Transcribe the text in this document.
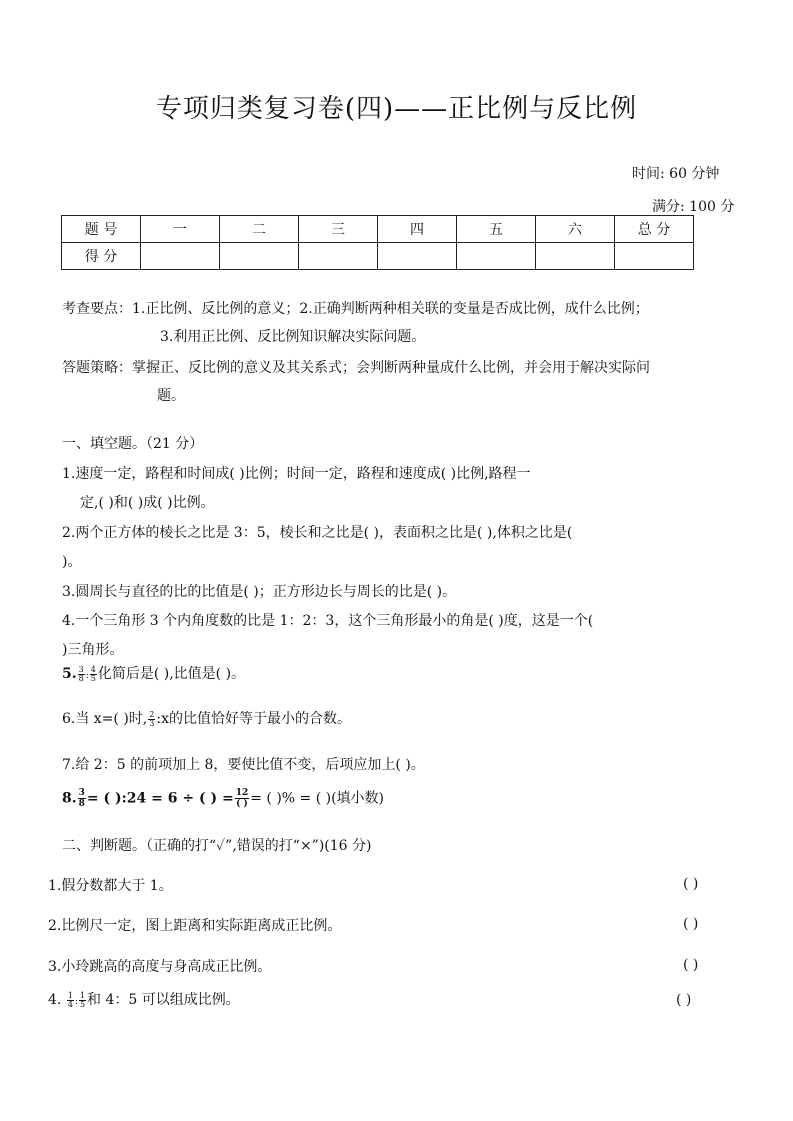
专项归类复习卷(四)——正比例与反比例
时间: 60 分钟
满分: 100 分
题 号	一	二	三	四	五	六	总 分
得 分							
考查要点：1.正比例、反比例的意义；2.正确判断两种相关联的变量是否成比例，成什么比例；
3.利用正比例、反比例知识解决实际问题。
答题策略：掌握正、反比例的意义及其关系式；会判断两种量成什么比例，并会用于解决实际问
题。
一、填空题。（21 分）
1.速度一定，路程和时间成( )比例；时间一定，路程和速度成( )比例,路程一
定,( )和( )成( )比例。
2.两个正方体的棱长之比是 3：5，棱长和之比是( )，表面积之比是( ),体积之比是(
)。
3.圆周长与直径的比的比值是( )；正方形边长与周长的比是( )。
4.一个三角形 3 个内角度数的比是 1：2：3，这个三角形最小的角是( )度，这是一个(
)三角形。
5. $\frac{3}{8}$ : $\frac{4}{5}$ 化简后是( ),比值是( )。
6.当 x=( )时, $\frac{2}{3}$ :x的比值恰好等于最小的合数。
7.给 2：5 的前项加上 8，要使比值不变，后项应加上( )。
8. $\frac{3}{8}$ = ( ):24 = 6 ÷ ( ) = $\frac{12}{( )}$ = ( )% = ( )(填小数)
二、判断题。（正确的打“✓”,错误的打“×”)(16 分)
1.假分数都大于 1。	( )
2.比例尺一定，图上距离和实际距离成正比例。	( )
3.小玲跳高的高度与身高成正比例。	( )
4. $\frac{1}{4}$ : $\frac{1}{5}$ 和 4：5 可以组成比例。	( )
